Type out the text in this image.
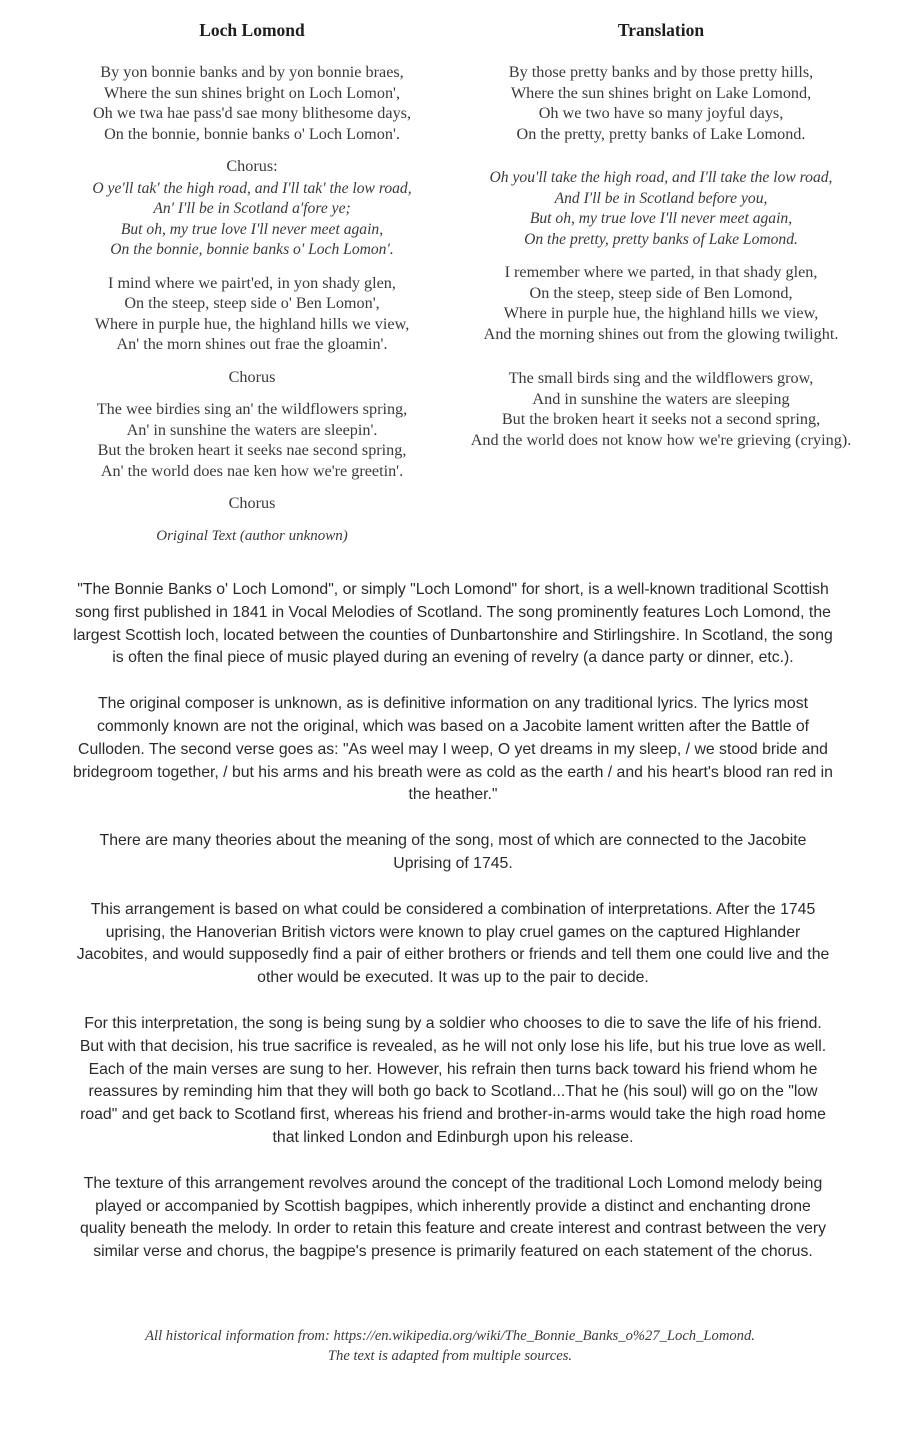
Loch Lomond
By yon bonnie banks and by yon bonnie braes,
Where the sun shines bright on Loch Lomon',
Oh we twa hae pass'd sae mony blithesome days,
On the bonnie, bonnie banks o' Loch Lomon'.
Chorus:
O ye'll tak' the high road, and I'll tak' the low road,
An' I'll be in Scotland a'fore ye;
But oh, my true love I'll never meet again,
On the bonnie, bonnie banks o' Loch Lomon'.
I mind where we pairt'ed, in yon shady glen,
On the steep, steep side o' Ben Lomon',
Where in purple hue, the highland hills we view,
An' the morn shines out frae the gloamin'.
Chorus
The wee birdies sing an' the wildflowers spring,
An' in sunshine the waters are sleepin'.
But the broken heart it seeks nae second spring,
An' the world does nae ken how we're greetin'.
Chorus
Original Text (author unknown)
Translation
By those pretty banks and by those pretty hills,
Where the sun shines bright on Lake Lomond,
Oh we two have so many joyful days,
On the pretty, pretty banks of Lake Lomond.
Oh you'll take the high road, and I'll take the low road,
And I'll be in Scotland before you,
But oh, my true love I'll never meet again,
On the pretty, pretty banks of Lake Lomond.
I remember where we parted, in that shady glen,
On the steep, steep side of Ben Lomond,
Where in purple hue, the highland hills we view,
And the morning shines out from the glowing twilight.
The small birds sing and the wildflowers grow,
And in sunshine the waters are sleeping
But the broken heart it seeks not a second spring,
And the world does not know how we're grieving (crying).

"The Bonnie Banks o' Loch Lomond", or simply "Loch Lomond" for short, is a well-known traditional Scottish song first published in 1841 in Vocal Melodies of Scotland. The song prominently features Loch Lomond, the largest Scottish loch, located between the counties of Dunbartonshire and Stirlingshire. In Scotland, the song is often the final piece of music played during an evening of revelry (a dance party or dinner, etc.).

The original composer is unknown, as is definitive information on any traditional lyrics. The lyrics most commonly known are not the original, which was based on a Jacobite lament written after the Battle of Culloden. The second verse goes as: "As weel may I weep, O yet dreams in my sleep, / we stood bride and bridegroom together, / but his arms and his breath were as cold as the earth / and his heart's blood ran red in the heather."

There are many theories about the meaning of the song, most of which are connected to the Jacobite Uprising of 1745.

This arrangement is based on what could be considered a combination of interpretations. After the 1745 uprising, the Hanoverian British victors were known to play cruel games on the captured Highlander Jacobites, and would supposedly find a pair of either brothers or friends and tell them one could live and the other would be executed. It was up to the pair to decide.

For this interpretation, the song is being sung by a soldier who chooses to die to save the life of his friend. But with that decision, his true sacrifice is revealed, as he will not only lose his life, but his true love as well. Each of the main verses are sung to her. However, his refrain then turns back toward his friend whom he reassures by reminding him that they will both go back to Scotland...That he (his soul) will go on the "low road" and get back to Scotland first, whereas his friend and brother-in-arms would take the high road home that linked London and Edinburgh upon his release.

The texture of this arrangement revolves around the concept of the traditional Loch Lomond melody being played or accompanied by Scottish bagpipes, which inherently provide a distinct and enchanting drone quality beneath the melody. In order to retain this feature and create interest and contrast between the very similar verse and chorus, the bagpipe's presence is primarily featured on each statement of the chorus.

All historical information from: https://en.wikipedia.org/wiki/The_Bonnie_Banks_o%27_Loch_Lomond.
The text is adapted from multiple sources.
